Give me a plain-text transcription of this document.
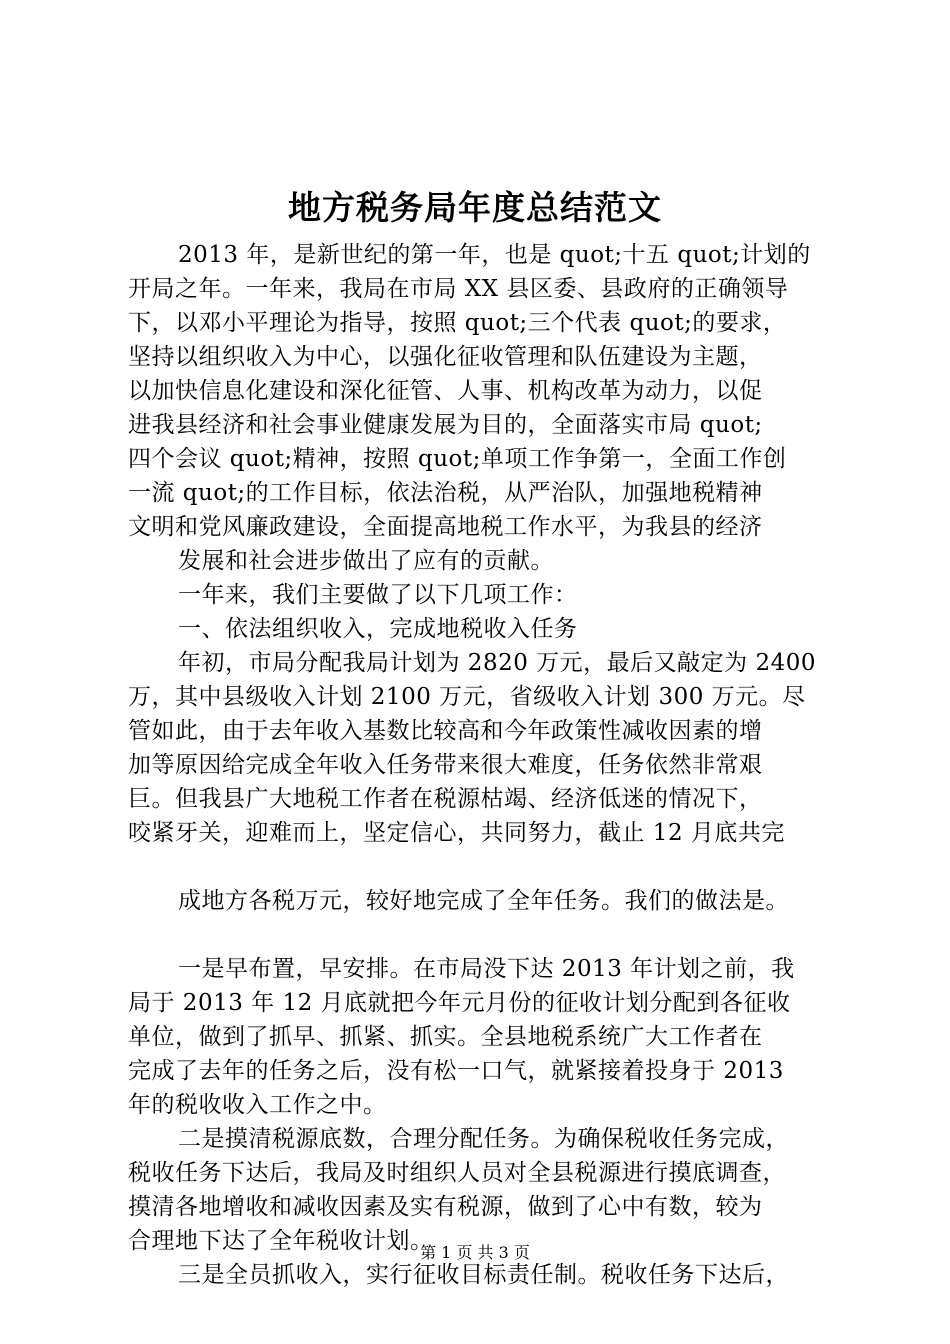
地方税务局年度总结范文
2013 年，是新世纪的第一年，也是 quot;十五 quot;计划的
开局之年。一年来，我局在市局 XX 县区委、县政府的正确领导
下，以邓小平理论为指导，按照 quot;三个代表 quot;的要求，
坚持以组织收入为中心，以强化征收管理和队伍建设为主题，
以加快信息化建设和深化征管、人事、机构改革为动力，以促
进我县经济和社会事业健康发展为目的，全面落实市局 quot;
四个会议 quot;精神，按照 quot;单项工作争第一，全面工作创
一流 quot;的工作目标，依法治税，从严治队，加强地税精神
文明和党风廉政建设，全面提高地税工作水平，为我县的经济
发展和社会进步做出了应有的贡献。
一年来，我们主要做了以下几项工作：
一、依法组织收入，完成地税收入任务
年初，市局分配我局计划为 2820 万元，最后又敲定为 2400
万，其中县级收入计划 2100 万元，省级收入计划 300 万元。尽
管如此，由于去年收入基数比较高和今年政策性减收因素的增
加等原因给完成全年收入任务带来很大难度，任务依然非常艰
巨。但我县广大地税工作者在税源枯竭、经济低迷的情况下，
咬紧牙关，迎难而上，坚定信心，共同努力，截止 12 月底共完
成地方各税万元，较好地完成了全年任务。我们的做法是。
一是早布置，早安排。在市局没下达 2013 年计划之前，我
局于 2013 年 12 月底就把今年元月份的征收计划分配到各征收
单位，做到了抓早、抓紧、抓实。全县地税系统广大工作者在
完成了去年的任务之后，没有松一口气，就紧接着投身于 2013
年的税收收入工作之中。
二是摸清税源底数，合理分配任务。为确保税收任务完成，
税收任务下达后，我局及时组织人员对全县税源进行摸底调查，
摸清各地增收和减收因素及实有税源，做到了心中有数，较为
合理地下达了全年税收计划。
三是全员抓收入，实行征收目标责任制。税收任务下达后，
第 1 页 共 3 页
